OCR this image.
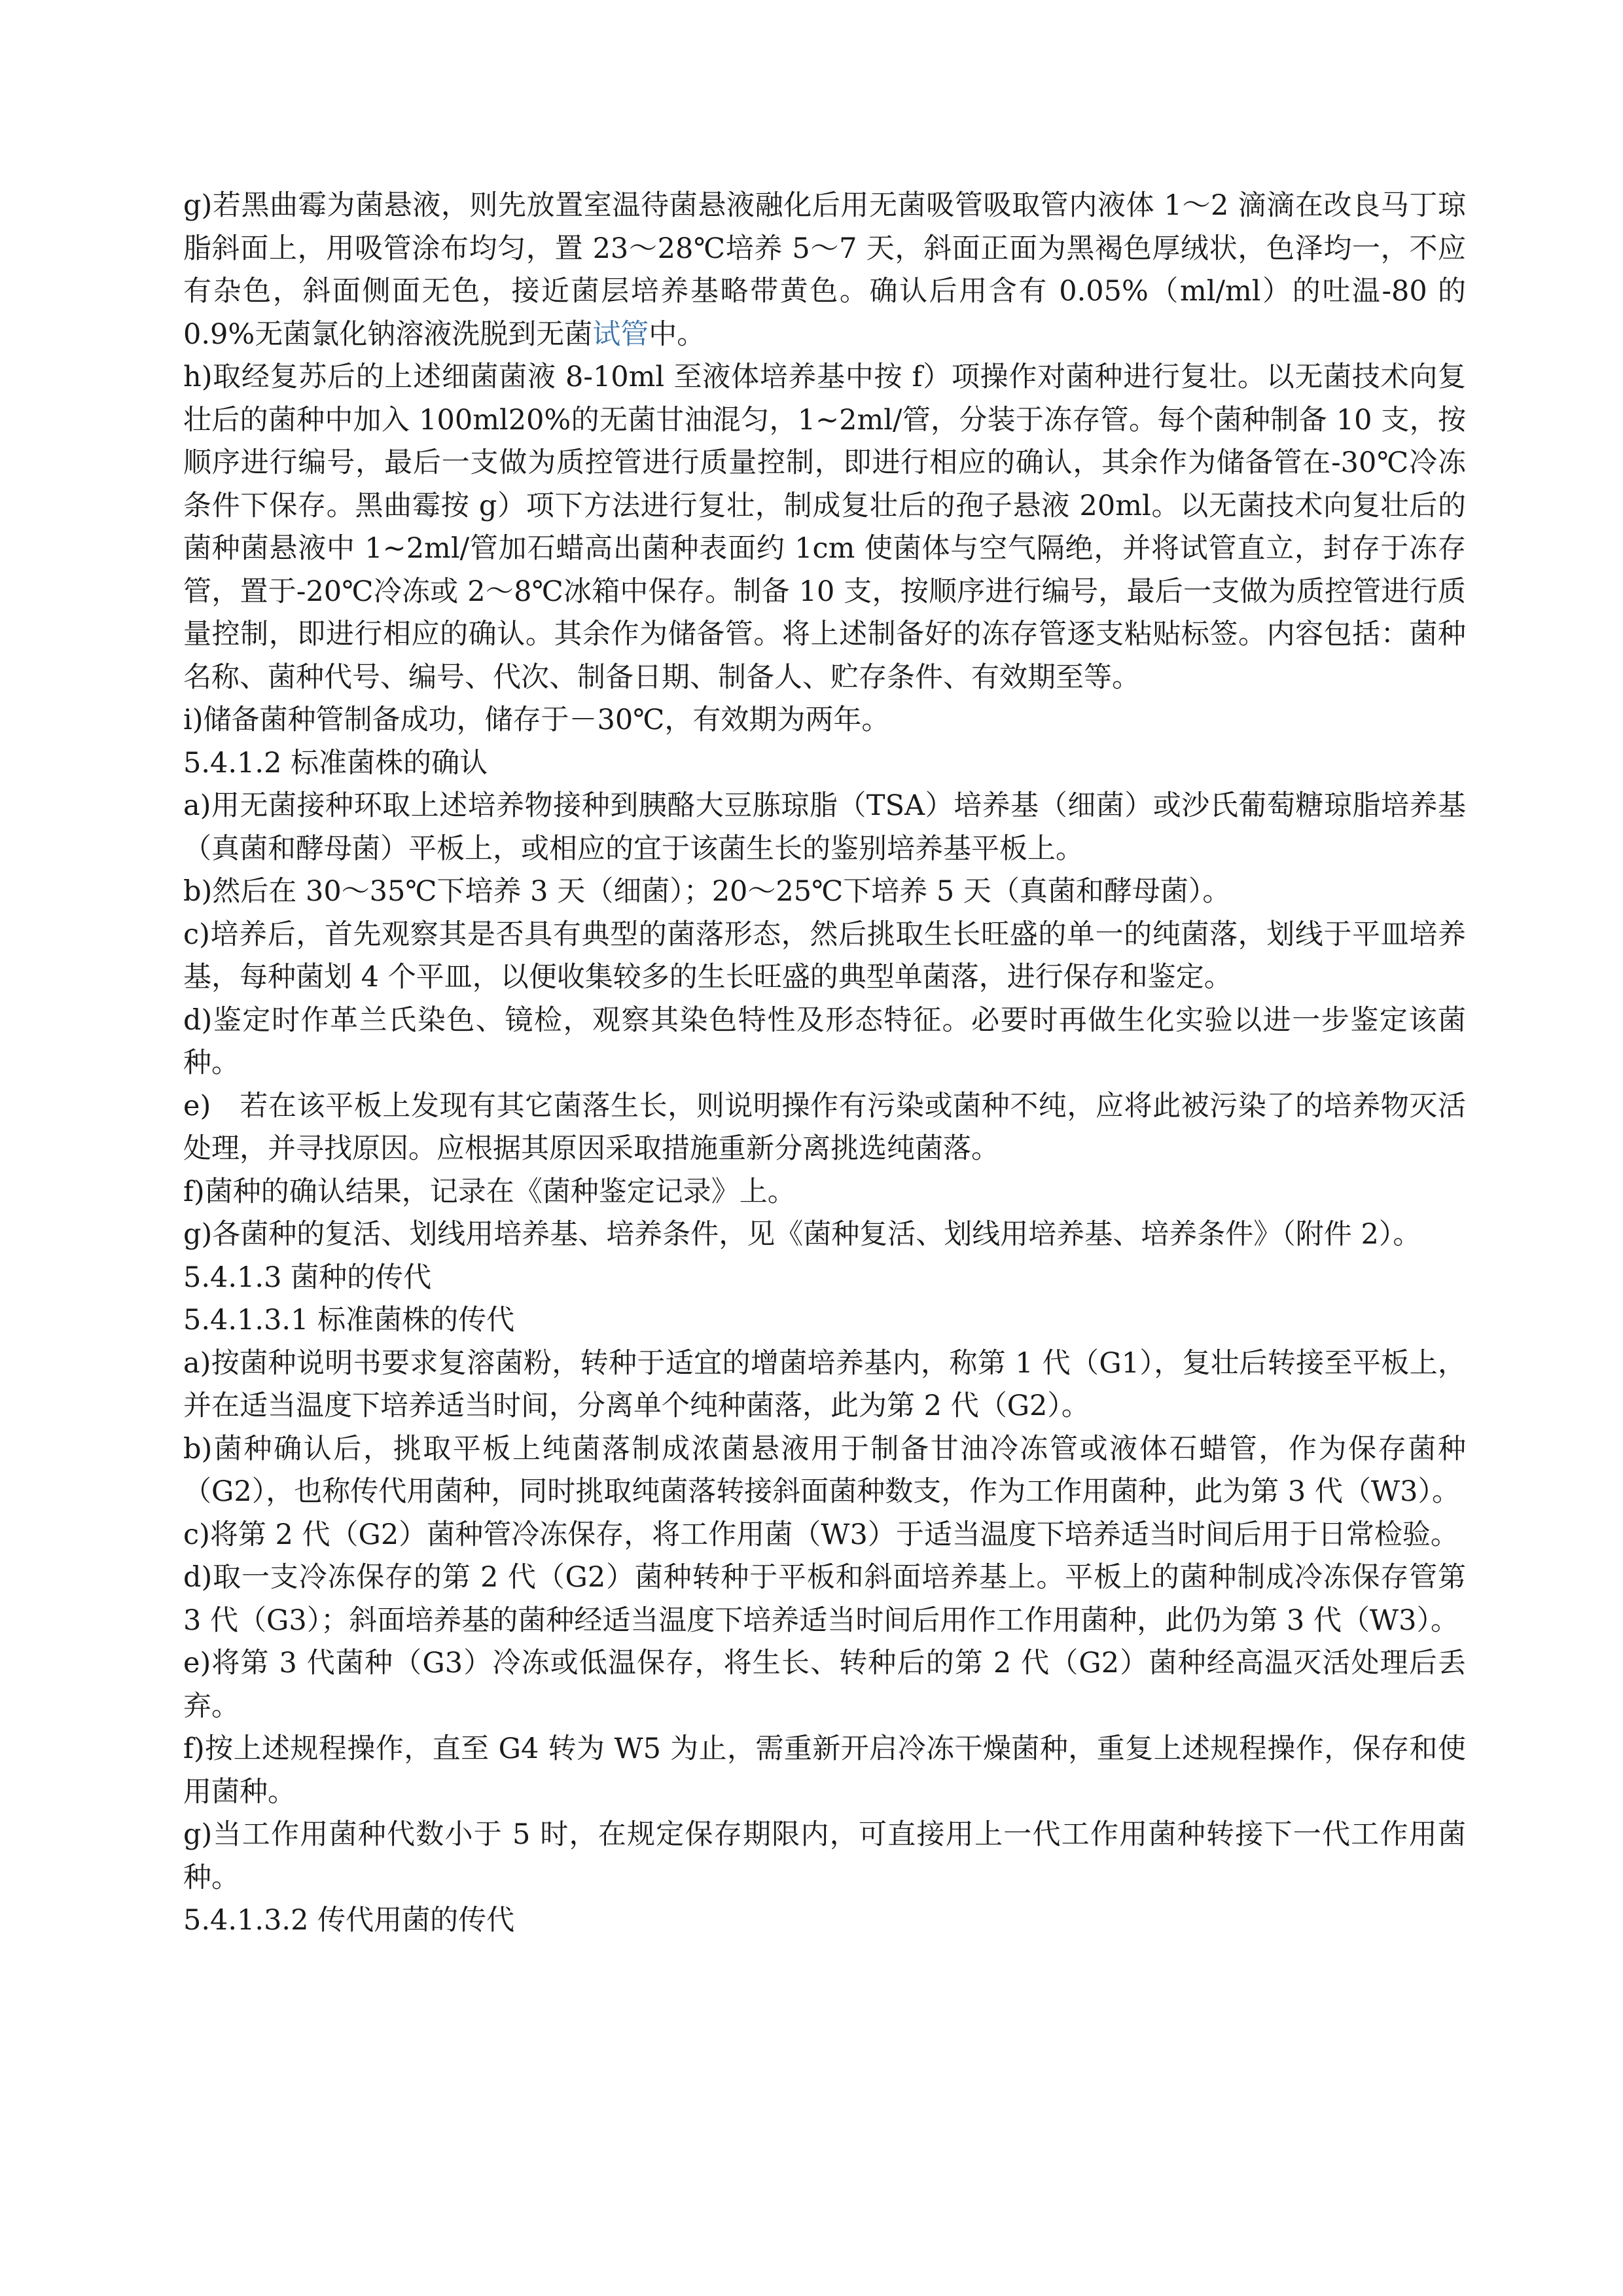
g)若黑曲霉为菌悬液，则先放置室温待菌悬液融化后用无菌吸管吸取管内液体 1～2 滴滴在改良马丁琼脂斜面上，用吸管涂布均匀，置 23～28℃培养 5～7 天，斜面正面为黑褐色厚绒状，色泽均一，不应有杂色，斜面侧面无色，接近菌层培养基略带黄色。确认后用含有 0.05%（ml/ml）的吐温-80 的 0.9%无菌氯化钠溶液洗脱到无菌试管中。

h)取经复苏后的上述细菌菌液 8-10ml 至液体培养基中按 f）项操作对菌种进行复壮。以无菌技术向复壮后的菌种中加入 100ml20%的无菌甘油混匀，1~2ml/管，分装于冻存管。每个菌种制备 10 支，按顺序进行编号，最后一支做为质控管进行质量控制，即进行相应的确认，其余作为储备管在-30℃冷冻条件下保存。黑曲霉按 g）项下方法进行复壮，制成复壮后的孢子悬液 20ml。以无菌技术向复壮后的菌种菌悬液中 1~2ml/管加石蜡高出菌种表面约 1cm 使菌体与空气隔绝，并将试管直立，封存于冻存管，置于-20℃冷冻或 2～8℃冰箱中保存。制备 10 支，按顺序进行编号，最后一支做为质控管进行质量控制，即进行相应的确认。其余作为储备管。将上述制备好的冻存管逐支粘贴标签。内容包括：菌种名称、菌种代号、编号、代次、制备日期、制备人、贮存条件、有效期至等。

i)储备菌种管制备成功，储存于－30℃，有效期为两年。

5.4.1.2 标准菌株的确认

a)用无菌接种环取上述培养物接种到胰酪大豆胨琼脂（TSA）培养基（细菌）或沙氏葡萄糖琼脂培养基（真菌和酵母菌）平板上，或相应的宜于该菌生长的鉴别培养基平板上。

b)然后在 30～35℃下培养 3 天（细菌）；20～25℃下培养 5 天（真菌和酵母菌）。

c)培养后，首先观察其是否具有典型的菌落形态，然后挑取生长旺盛的单一的纯菌落，划线于平皿培养基，每种菌划 4 个平皿，以便收集较多的生长旺盛的典型单菌落，进行保存和鉴定。

d)鉴定时作革兰氏染色、镜检，观察其染色特性及形态特征。必要时再做生化实验以进一步鉴定该菌种。

e)　若在该平板上发现有其它菌落生长，则说明操作有污染或菌种不纯，应将此被污染了的培养物灭活处理，并寻找原因。应根据其原因采取措施重新分离挑选纯菌落。

f)菌种的确认结果，记录在《菌种鉴定记录》上。

g)各菌种的复活、划线用培养基、培养条件，见《菌种复活、划线用培养基、培养条件》（附件 2）。

5.4.1.3 菌种的传代

5.4.1.3.1 标准菌株的传代

a)按菌种说明书要求复溶菌粉，转种于适宜的增菌培养基内，称第 1 代（G1），复壮后转接至平板上，并在适当温度下培养适当时间，分离单个纯种菌落，此为第 2 代（G2）。

b)菌种确认后，挑取平板上纯菌落制成浓菌悬液用于制备甘油冷冻管或液体石蜡管，作为保存菌种（G2），也称传代用菌种，同时挑取纯菌落转接斜面菌种数支，作为工作用菌种，此为第 3 代（W3）。

c)将第 2 代（G2）菌种管冷冻保存，将工作用菌（W3）于适当温度下培养适当时间后用于日常检验。

d)取一支冷冻保存的第 2 代（G2）菌种转种于平板和斜面培养基上。平板上的菌种制成冷冻保存管第 3 代（G3）；斜面培养基的菌种经适当温度下培养适当时间后用作工作用菌种，此仍为第 3 代（W3）。

e)将第 3 代菌种（G3）冷冻或低温保存，将生长、转种后的第 2 代（G2）菌种经高温灭活处理后丢弃。

f)按上述规程操作，直至 G4 转为 W5 为止，需重新开启冷冻干燥菌种，重复上述规程操作，保存和使用菌种。

g)当工作用菌种代数小于 5 时，在规定保存期限内，可直接用上一代工作用菌种转接下一代工作用菌种。

5.4.1.3.2 传代用菌的传代
